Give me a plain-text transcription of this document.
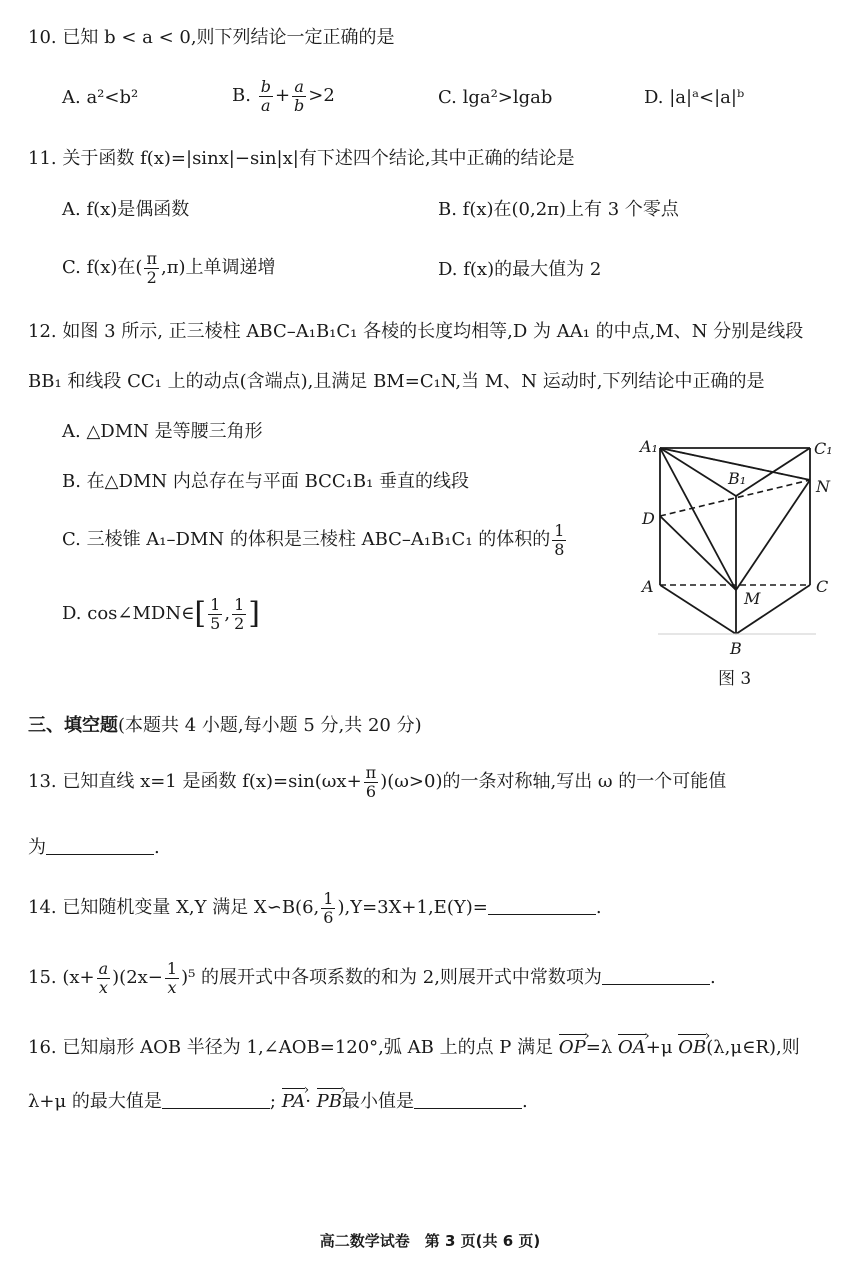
10. 已知 b < a < 0,则下列结论一定正确的是
A. a²<b²	B. $\frac{b}{a} + \frac{a}{b} >2$	C. lga²>lgab	D. |a|ᵃ<|a|ᵇ
11. 关于函数 f(x)=|sinx|−sin|x|有下述四个结论,其中正确的结论是
A. f(x)是偶函数	B. f(x)在(0,2π)上有 3 个零点
C. f(x)在( $\frac{\pi}{2} ,\pi$)上单调递增	D. f(x)的最大值为 2
12. 如图 3 所示, 正三棱柱 ABC–A₁B₁C₁ 各棱的长度均相等,D 为 AA₁ 的中点,M、N 分别是线段
BB₁ 和线段 CC₁ 上的动点(含端点),且满足 BM=C₁N,当 M、N 运动时,下列结论中正确的是
A. △DMN 是等腰三角形
B. 在△DMN 内总存在与平面 BCC₁B₁ 垂直的线段
C. 三棱锥 A₁–DMN 的体积是三棱柱 ABC–A₁B₁C₁ 的体积的 $\frac{1}{8}$
D. cos∠MDN∈[ $\frac{1}{5}$ , $\frac{1}{2}$ ]
A₁	C₁
B₁	N
D
A	C
M
B
图 3
三、填空题(本题共 4 小题,每小题 5 分,共 20 分)
13. 已知直线 x=1 是函数 $f(x)=\sin(\omega x+ \frac{\pi}{6} )(\omega>0)$的一条对称轴,写出 ω 的一个可能值
为	.
14. 已知随机变量 X,Y 满足 X∽B(6, $\frac{1}{6} ),Y=3X+1,E(Y)=$	.
15. $(x+ \frac{a}{x} )(2x- \frac{1}{x} )^5$ 的展开式中各项系数的和为 2,则展开式中常数项为	.
16. 已知扇形 AOB 半径为 1,∠AOB=120°,弧 AB 上的点 P 满足 OP ›=λ OA ›+μ OB ›(λ,μ∈R),则
λ+μ 的最大值是	; PA ›· PB ›最小值是	.
高二数学试卷　第 3 页(共 6 页)
